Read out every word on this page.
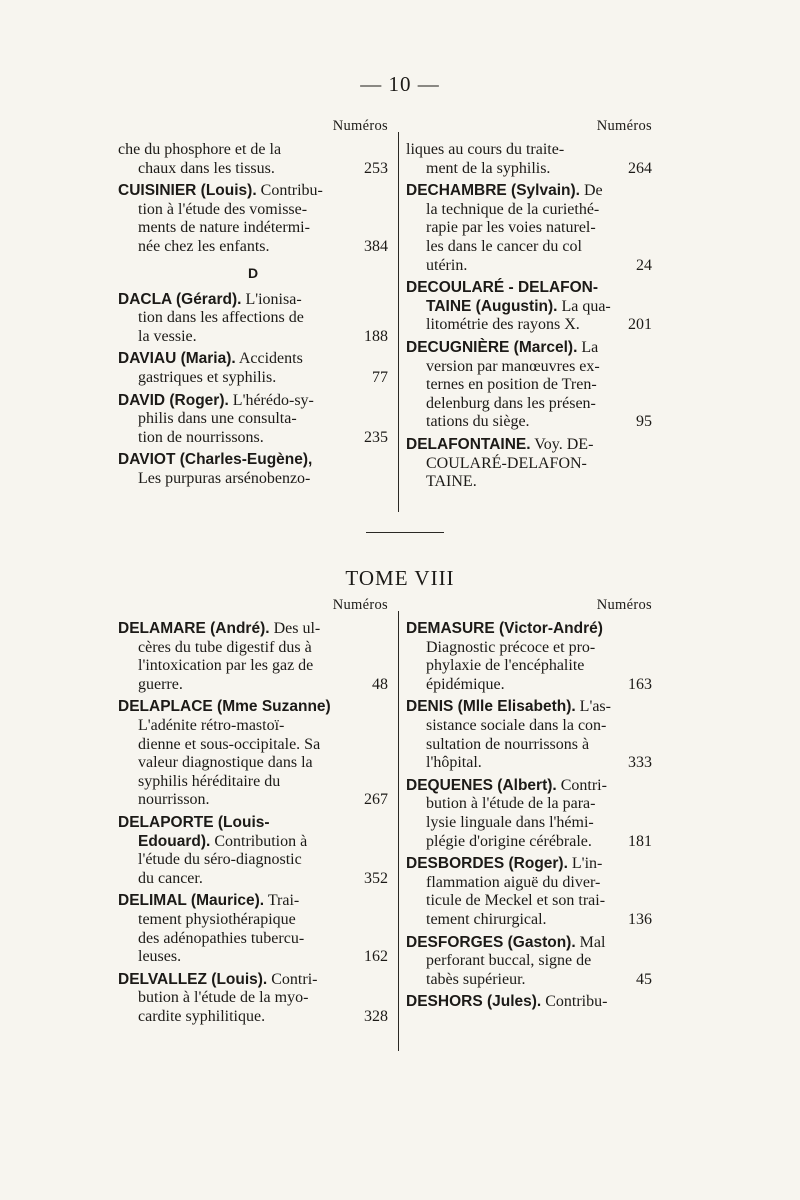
— 10 —
Numéros

che du phosphore et de la

chaux dans les tissus.	253

CUISINIER (Louis). Contribu-

tion à l'étude des vomisse-

ments de nature indétermi-

née chez les enfants.	384
D

DACLA (Gérard). L'ionisa-

tion dans les affections de

la vessie.	188

DAVIAU (Maria). Accidents

gastriques et syphilis.	77

DAVID (Roger). L'hérédo-sy-

philis dans une consulta-

tion de nourrissons.	235

DAVIOT (Charles-Eugène),

Les purpuras arsénobenzo-

Numéros

liques au cours du traite-

ment de la syphilis.	264

DECHAMBRE (Sylvain). De

la technique de la curiethé-

rapie par les voies naturel-

les dans le cancer du col

utérin.	24

DECOULARÉ - DELAFON-

TAINE (Augustin). La qua-

litométrie des rayons X.	201

DECUGNIÈRE (Marcel). La

version par manœuvres ex-

ternes en position de Tren-

delenburg dans les présen-

tations du siège.	95

DELAFONTAINE. Voy. DE-

COULARÉ-DELAFON-

TAINE.

TOME VIII
Numéros

DELAMARE (André). Des ul-

cères du tube digestif dus à

l'intoxication par les gaz de

guerre.	48

DELAPLACE (Mme Suzanne)

L'adénite rétro-mastoï-

dienne et sous-occipitale. Sa

valeur diagnostique dans la

syphilis héréditaire du

nourrisson.	267

DELAPORTE (Louis-

Edouard). Contribution à

l'étude du séro-diagnostic

du cancer.	352

DELIMAL (Maurice). Trai-

tement physiothérapique

des adénopathies tubercu-

leuses.	162

DELVALLEZ (Louis). Contri-

bution à l'étude de la myo-

cardite syphilitique.	328
Numéros

DEMASURE (Victor-André)

Diagnostic précoce et pro-

phylaxie de l'encéphalite

épidémique.	163

DENIS (Mlle Elisabeth). L'as-

sistance sociale dans la con-

sultation de nourrissons à

l'hôpital.	333

DEQUENES (Albert). Contri-

bution à l'étude de la para-

lysie linguale dans l'hémi-

plégie d'origine cérébrale.	181

DESBORDES (Roger). L'in-

flammation aiguë du diver-

ticule de Meckel et son trai-

tement chirurgical.	136

DESFORGES (Gaston). Mal

perforant buccal, signe de

tabès supérieur.	45

DESHORS (Jules). Contribu-
